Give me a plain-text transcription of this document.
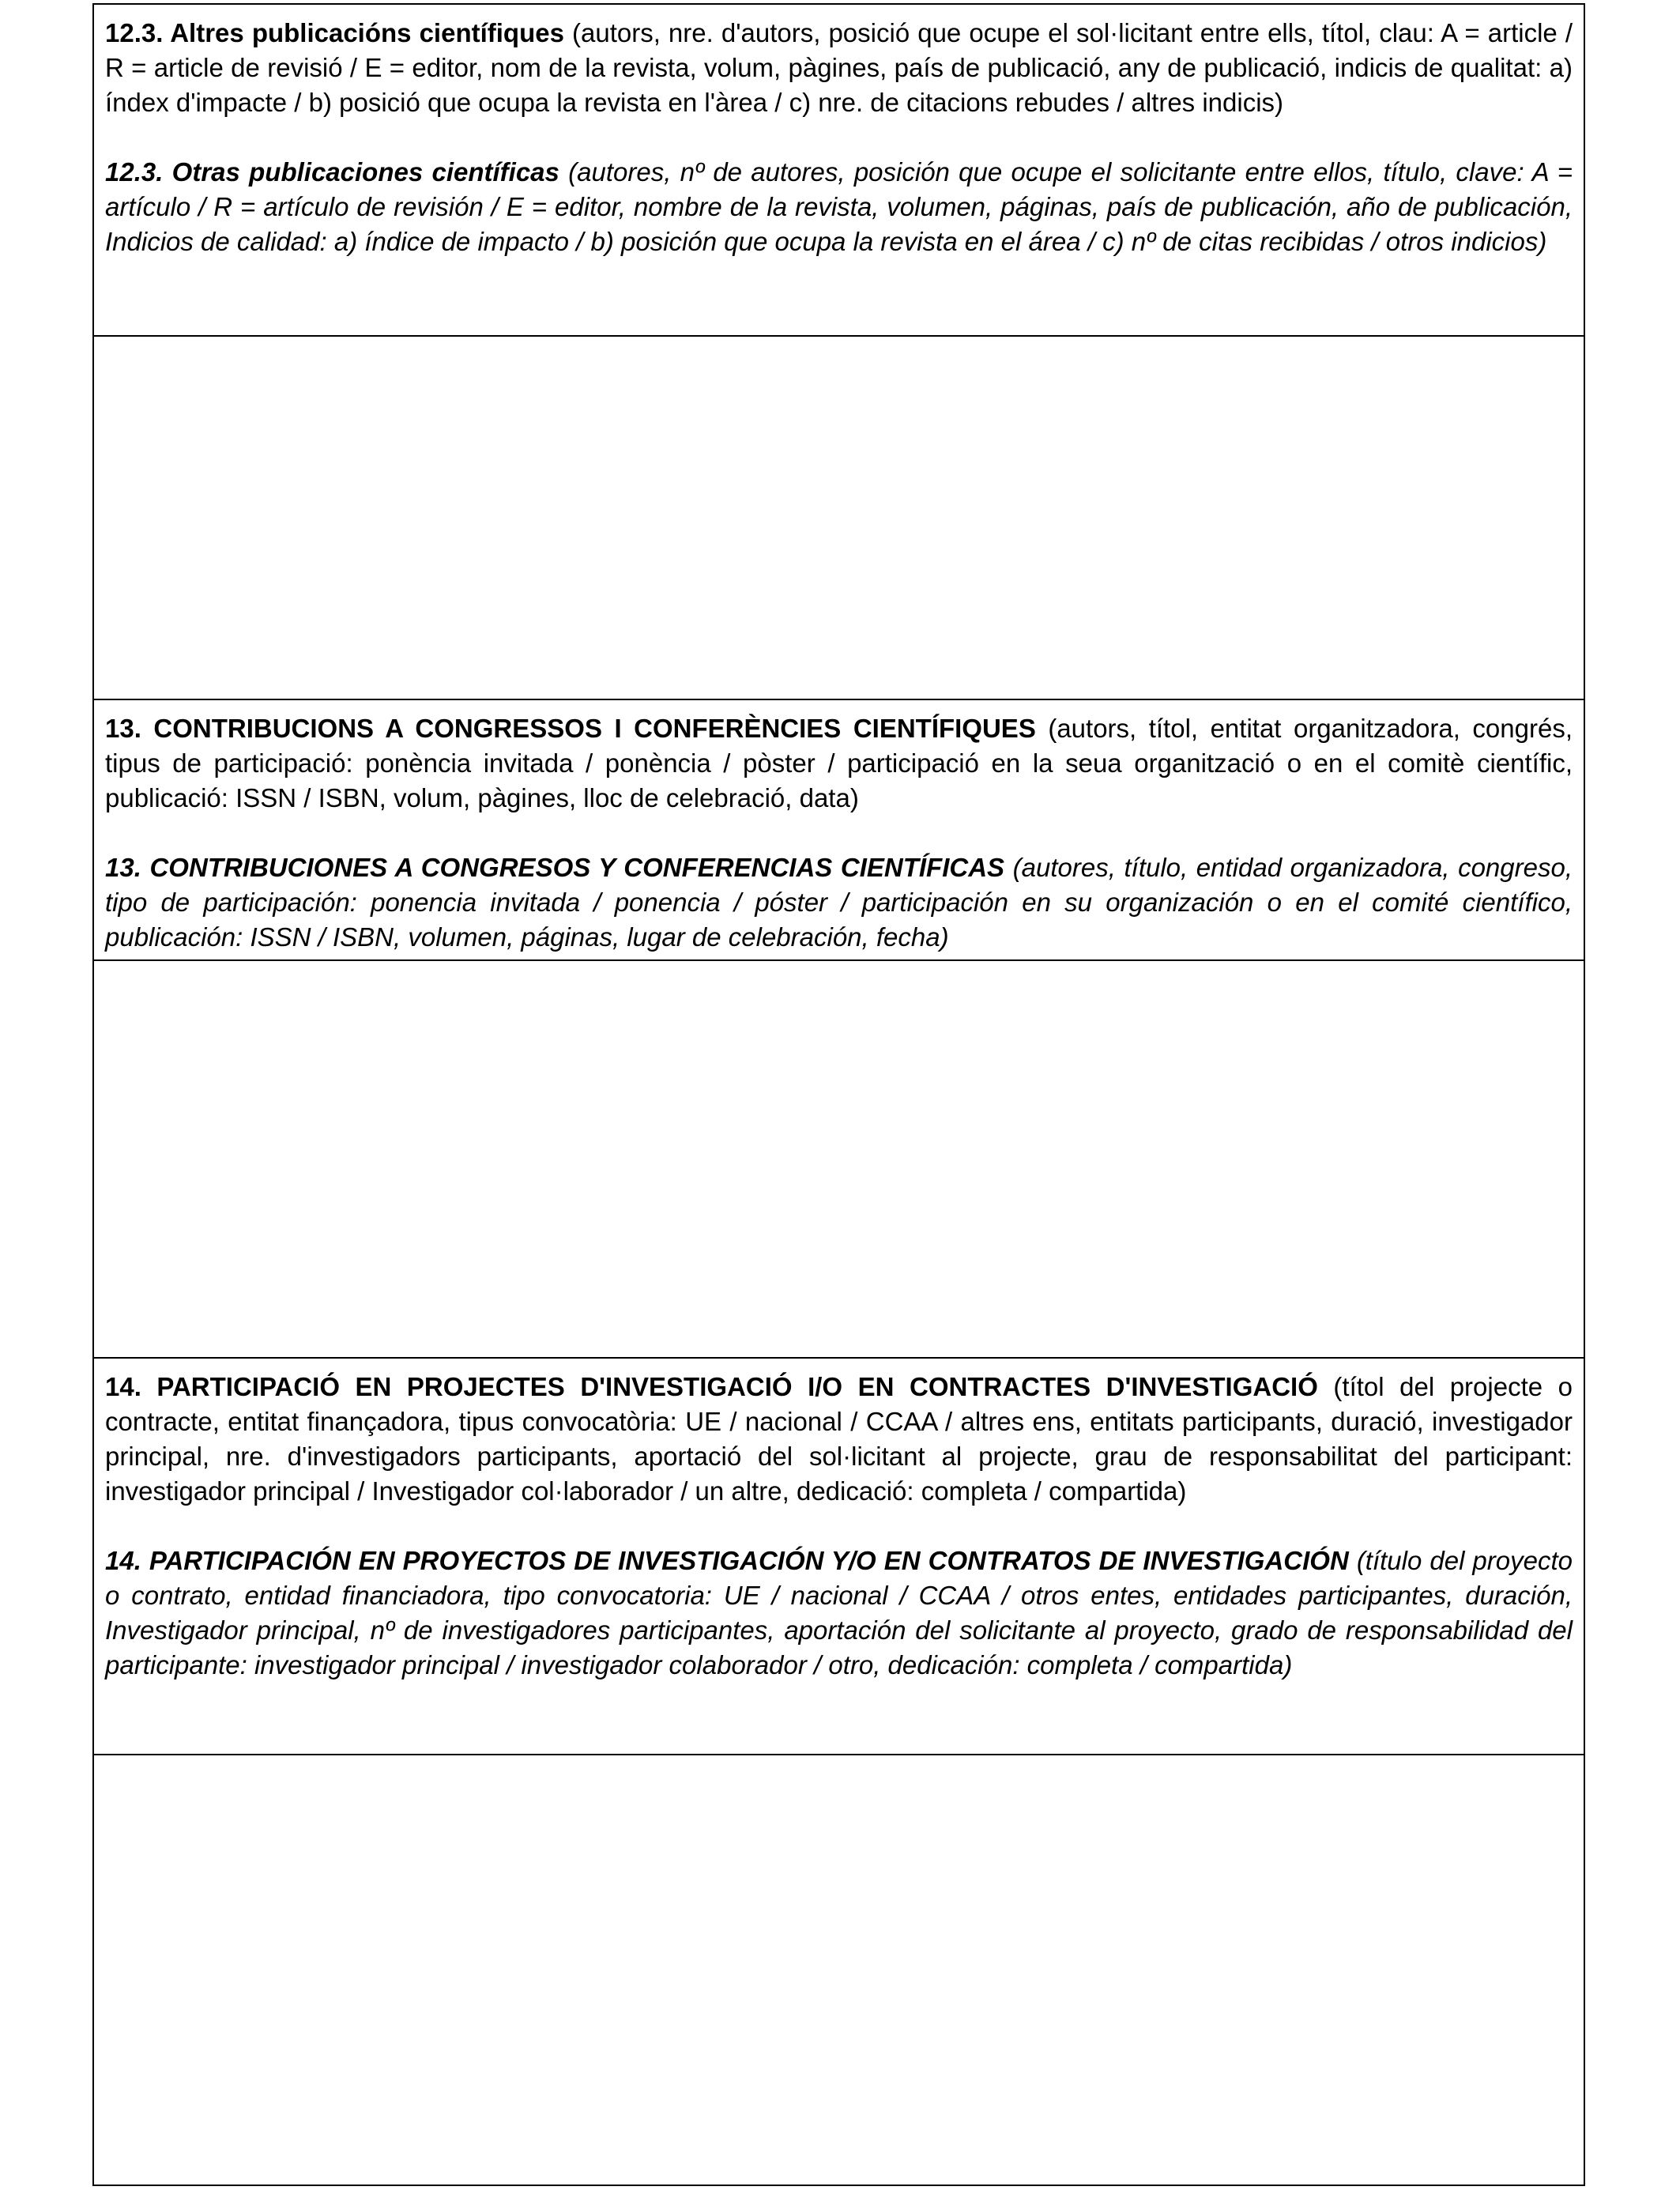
12.3. Altres publicacións científiques (autors, nre. d'autors, posició que ocupe el sol·licitant entre ells, títol, clau: A = article / R = article de revisió / E = editor, nom de la revista, volum, pàgines, país de publicació, any de publicació, indicis de qualitat: a) índex d'impacte / b) posició que ocupa la revista en l'àrea / c) nre. de citacions rebudes / altres indicis)

12.3. Otras publicaciones científicas (autores, nº de autores, posición que ocupe el solicitante entre ellos, título, clave: A = artículo / R = artículo de revisión / E = editor, nombre de la revista, volumen, páginas, país de publicación, año de publicación, Indicios de calidad: a) índice de impacto / b) posición que ocupa la revista en el área / c) nº de citas recibidas / otros indicios)

13. CONTRIBUCIONS A CONGRESSOS I CONFERÈNCIES CIENTÍFIQUES (autors, títol, entitat organitzadora, congrés, tipus de participació: ponència invitada / ponència / pòster / participació en la seua organització o en el comitè científic, publicació: ISSN / ISBN, volum, pàgines, lloc de celebració, data)

13. CONTRIBUCIONES A CONGRESOS Y CONFERENCIAS CIENTÍFICAS (autores, título, entidad organizadora, congreso, tipo de participación: ponencia invitada / ponencia / póster / participación en su organización o en el comité científico, publicación: ISSN / ISBN, volumen, páginas, lugar de celebración, fecha)

14. PARTICIPACIÓ EN PROJECTES D'INVESTIGACIÓ I/O EN CONTRACTES D'INVESTIGACIÓ (títol del projecte o contracte, entitat finançadora, tipus convocatòria: UE / nacional / CCAA / altres ens, entitats participants, duració, investigador principal, nre. d'investigadors participants, aportació del sol·licitant al projecte, grau de responsabilitat del participant: investigador principal / Investigador col·laborador / un altre, dedicació: completa / compartida)

14. PARTICIPACIÓN EN PROYECTOS DE INVESTIGACIÓN Y/O EN CONTRATOS DE INVESTIGACIÓN (título del proyecto o contrato, entidad financiadora, tipo convocatoria: UE / nacional / CCAA / otros entes, entidades participantes, duración, Investigador principal, nº de investigadores participantes, aportación del solicitante al proyecto, grado de responsabilidad del participante: investigador principal / investigador colaborador / otro, dedicación: completa / compartida)
